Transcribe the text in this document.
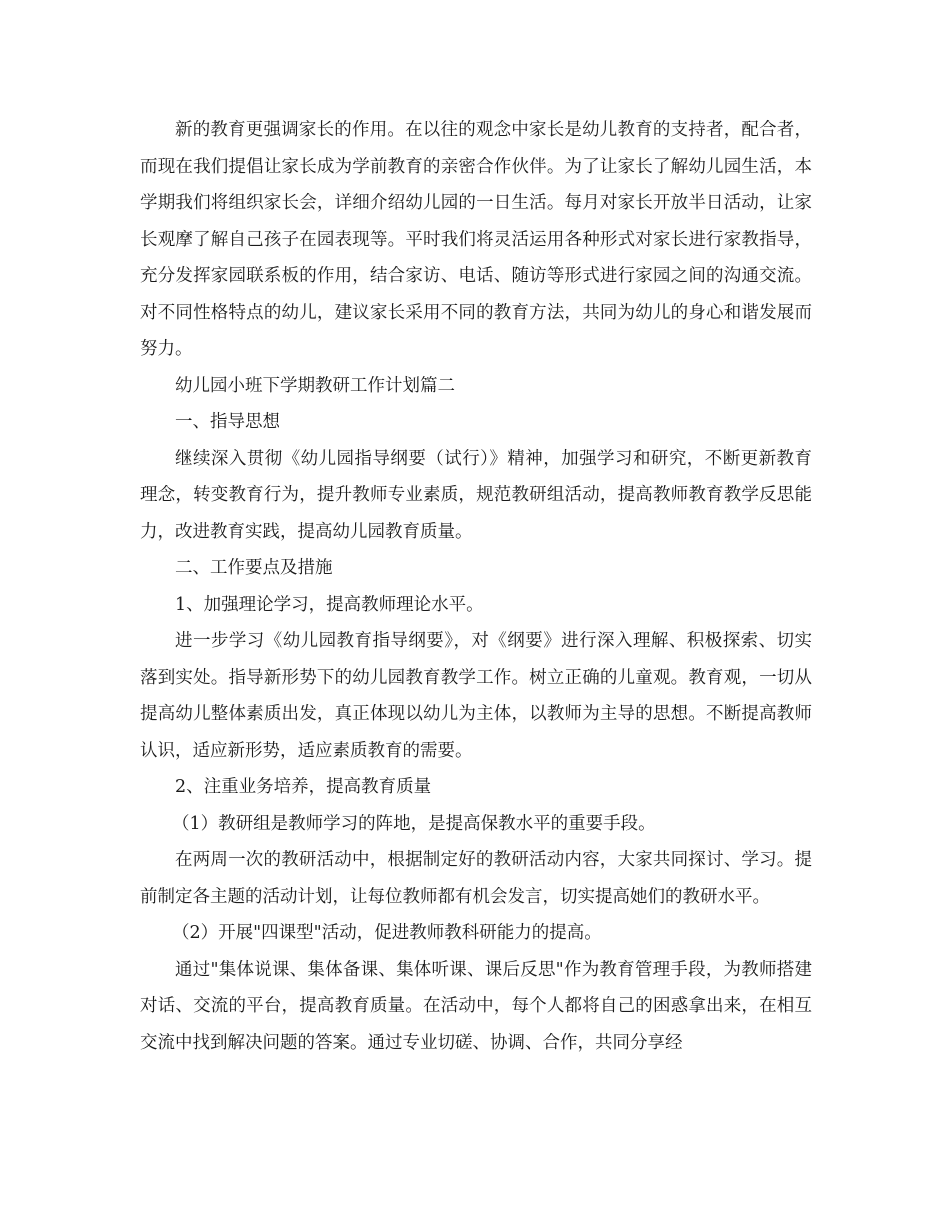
新的教育更强调家长的作用。在以往的观念中家长是幼儿教育的支持者，配合者，而现在我们提倡让家长成为学前教育的亲密合作伙伴。为了让家长了解幼儿园生活，本学期我们将组织家长会，详细介绍幼儿园的一日生活。每月对家长开放半日活动，让家长观摩了解自己孩子在园表现等。平时我们将灵活运用各种形式对家长进行家教指导，充分发挥家园联系板的作用，结合家访、电话、随访等形式进行家园之间的沟通交流。对不同性格特点的幼儿，建议家长采用不同的教育方法，共同为幼儿的身心和谐发展而努力。

幼儿园小班下学期教研工作计划篇二

一、指导思想

继续深入贯彻《幼儿园指导纲要（试行）》精神，加强学习和研究，不断更新教育理念，转变教育行为，提升教师专业素质，规范教研组活动，提高教师教育教学反思能力，改进教育实践，提高幼儿园教育质量。

二、工作要点及措施

1、加强理论学习，提高教师理论水平。

进一步学习《幼儿园教育指导纲要》，对《纲要》进行深入理解、积极探索、切实落到实处。指导新形势下的幼儿园教育教学工作。树立正确的儿童观。教育观，一切从提高幼儿整体素质出发，真正体现以幼儿为主体，以教师为主导的思想。不断提高教师认识，适应新形势，适应素质教育的需要。

2、注重业务培养，提高教育质量

（1）教研组是教师学习的阵地，是提高保教水平的重要手段。

在两周一次的教研活动中，根据制定好的教研活动内容，大家共同探讨、学习。提前制定各主题的活动计划，让每位教师都有机会发言，切实提高她们的教研水平。

（2）开展"四课型"活动，促进教师教科研能力的提高。

通过"集体说课、集体备课、集体听课、课后反思"作为教育管理手段，为教师搭建对话、交流的平台，提高教育质量。在活动中，每个人都将自己的困惑拿出来，在相互交流中找到解决问题的答案。通过专业切磋、协调、合作，共同分享经
